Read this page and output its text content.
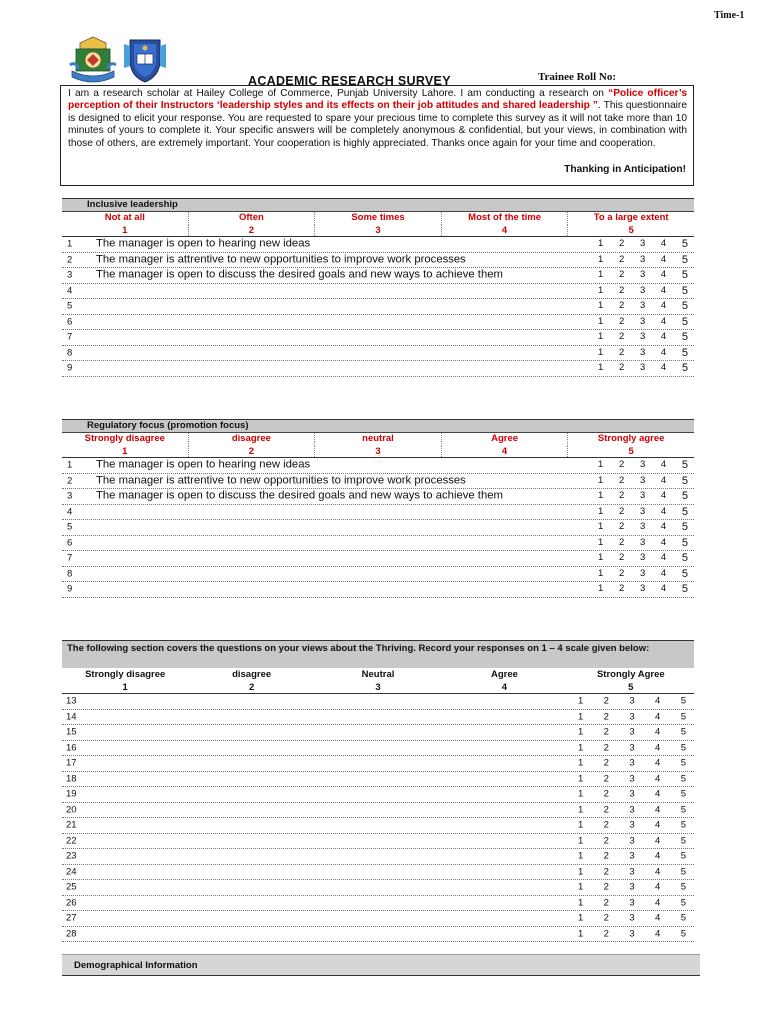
Time-1
ACADEMIC RESEARCH SURVEY	Trainee Roll No:
I am a research scholar at Hailey College of Commerce, Punjab University Lahore. I am conducting a research on “Police officer’s perception of their Instructors ‘leadership styles and its effects on their job attitudes and shared leadership ”. This questionnaire is designed to elicit your response. You are requested to spare your precious time to complete this survey as it will not take more than 10 minutes of yours to complete it. Your specific answers will be completely anonymous & confidential, but your views, in combination with those of others, are extremely important. Your cooperation is highly appreciated. Thanks once again for your time and cooperation.
Thanking in Anticipation!
Inclusive leadership
Not at all	Often	Some times	Most of the time	To a large extent
1	2	3	4	5
1 The manager is open to hearing new ideas	1 2 3 4 5
2 The manager is attrentive to new opportunities to improve work processes	1 2 3 4 5
3 The manager is open to discuss the desired goals and new ways to achieve them	1 2 3 4 5
4	1 2 3 4 5
5	1 2 3 4 5
6	1 2 3 4 5
7	1 2 3 4 5
8	1 2 3 4 5
9	1 2 3 4 5
Regulatory focus (promotion focus)
Strongly disagree	disagree	neutral	Agree	Strongly agree
1	2	3	4	5
1 The manager is open to hearing new ideas	1 2 3 4 5
2 The manager is attrentive to new opportunities to improve work processes	1 2 3 4 5
3 The manager is open to discuss the desired goals and new ways to achieve them	1 2 3 4 5
4	1 2 3 4 5
5	1 2 3 4 5
6	1 2 3 4 5
7	1 2 3 4 5
8	1 2 3 4 5
9	1 2 3 4 5
The following section covers the questions on your views about the Thriving. Record your responses on 1 – 4 scale given below:
Strongly disagree	disagree	Neutral	Agree	Strongly Agree
1	2	3	4	5
13	1 2 3 4 5
14	1 2 3 4 5
15	1 2 3 4 5
16	1 2 3 4 5
17	1 2 3 4 5
18	1 2 3 4 5
19	1 2 3 4 5
20	1 2 3 4 5
21	1 2 3 4 5
22	1 2 3 4 5
23	1 2 3 4 5
24	1 2 3 4 5
25	1 2 3 4 5
26	1 2 3 4 5
27	1 2 3 4 5
28	1 2 3 4 5
Demographical Information
